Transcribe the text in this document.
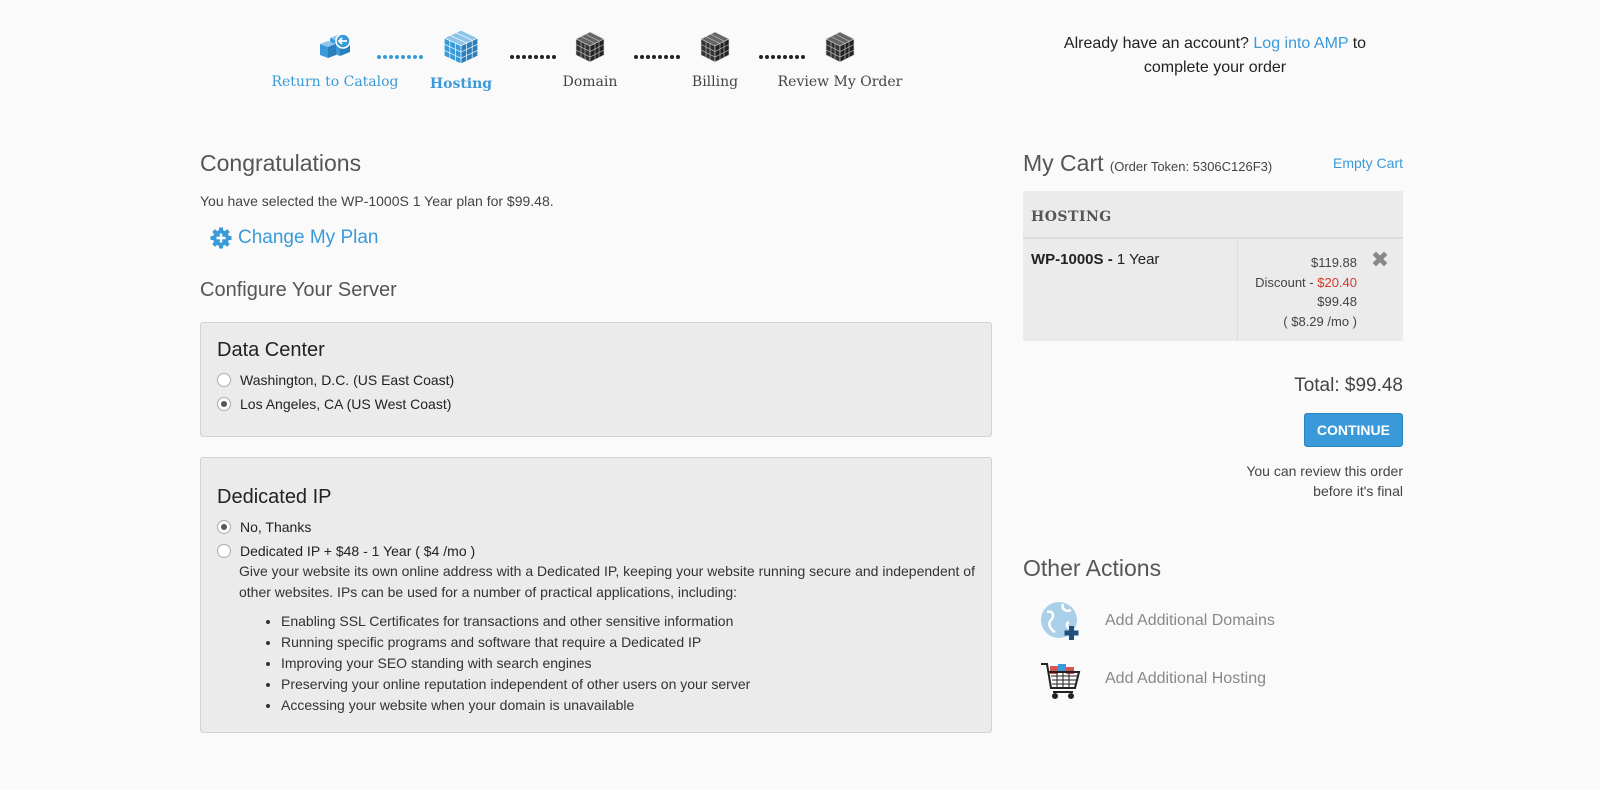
Return to Catalog	Hosting	Domain	Billing	Review My Order
Already have an account? Log into AMP to complete your order
Congratulations
You have selected the WP-1000S 1 Year plan for $99.48.
Change My Plan
Configure Your Server
Data Center
Washington, D.C. (US East Coast)
Los Angeles, CA (US West Coast)
Dedicated IP
No, Thanks
Dedicated IP + $48 - 1 Year ( $4 /mo )
Give your website its own online address with a Dedicated IP, keeping your website running secure and independent of other websites. IPs can be used for a number of practical applications, including:
• Enabling SSL Certificates for transactions and other sensitive information
• Running specific programs and software that require a Dedicated IP
• Improving your SEO standing with search engines
• Preserving your online reputation independent of other users on your server
• Accessing your website when your domain is unavailable
My Cart (Order Token: 5306C126F3)	Empty Cart
HOSTING
WP-1000S - 1 Year	$119.88
Discount - $20.40
$99.48
( $8.29 /mo )
✖
Total: $99.48
CONTINUE
You can review this order
before it's final
Other Actions
Add Additional Domains
Add Additional Hosting
